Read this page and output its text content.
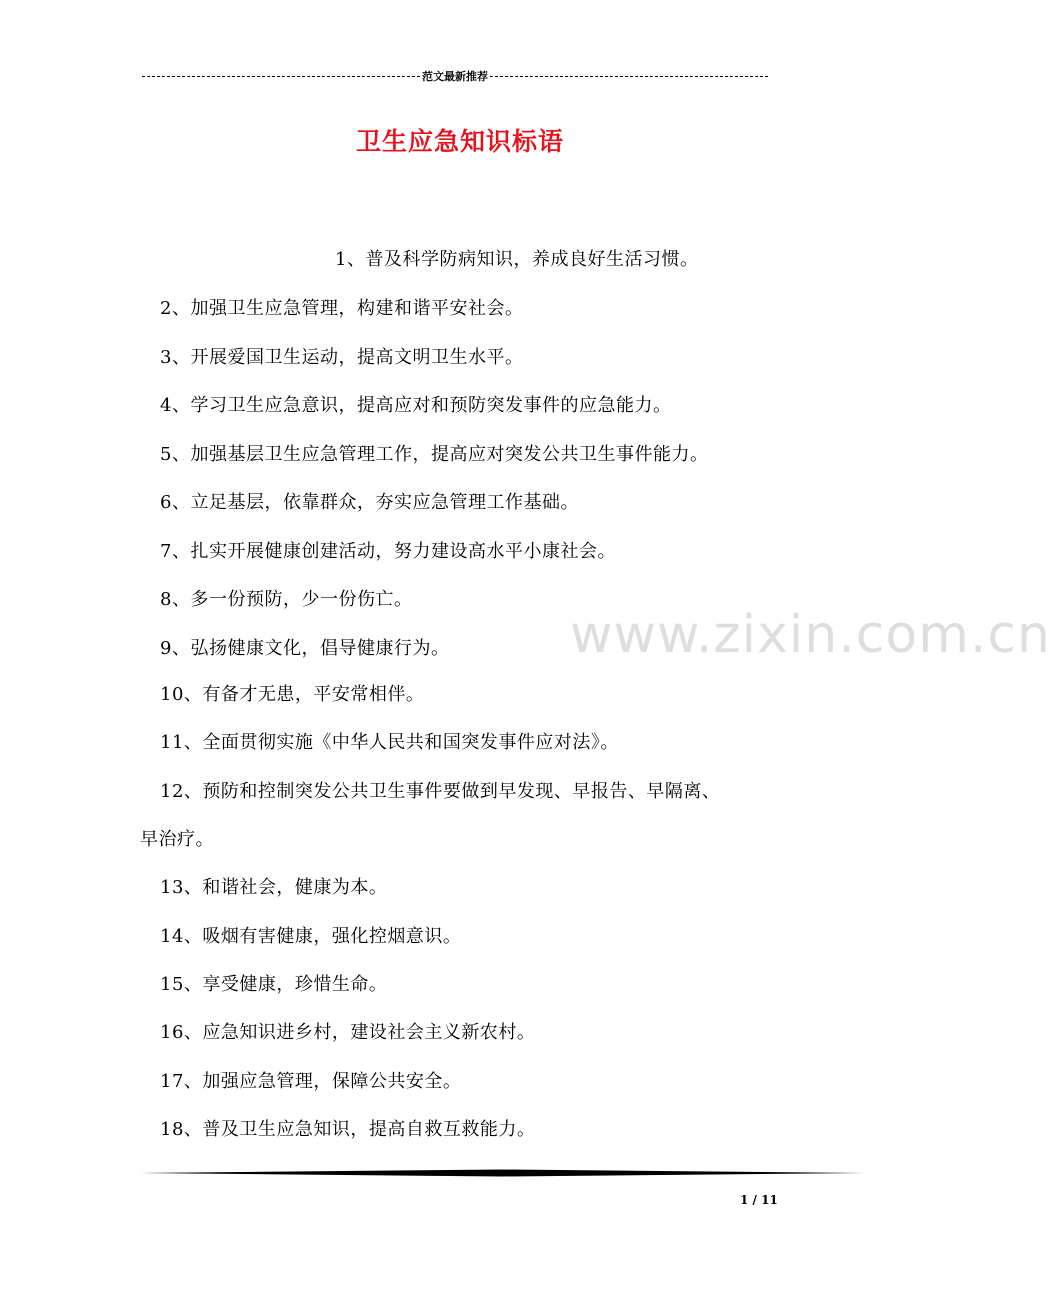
范文最新推荐
卫生应急知识标语
www.zixin.com.cn
1、普及科学防病知识，养成良好生活习惯。
2、加强卫生应急管理，构建和谐平安社会。
3、开展爱国卫生运动，提高文明卫生水平。
4、学习卫生应急意识，提高应对和预防突发事件的应急能力。
5、加强基层卫生应急管理工作，提高应对突发公共卫生事件能力。
6、立足基层，依靠群众，夯实应急管理工作基础。
7、扎实开展健康创建活动，努力建设高水平小康社会。
8、多一份预防，少一份伤亡。
9、弘扬健康文化，倡导健康行为。
10、有备才无患，平安常相伴。
11、全面贯彻实施《中华人民共和国突发事件应对法》。
12、预防和控制突发公共卫生事件要做到早发现、早报告、早隔离、
早治疗。
13、和谐社会，健康为本。
14、吸烟有害健康，强化控烟意识。
15、享受健康，珍惜生命。
16、应急知识进乡村，建设社会主义新农村。
17、加强应急管理，保障公共安全。
18、普及卫生应急知识，提高自救互救能力。
1 / 11
